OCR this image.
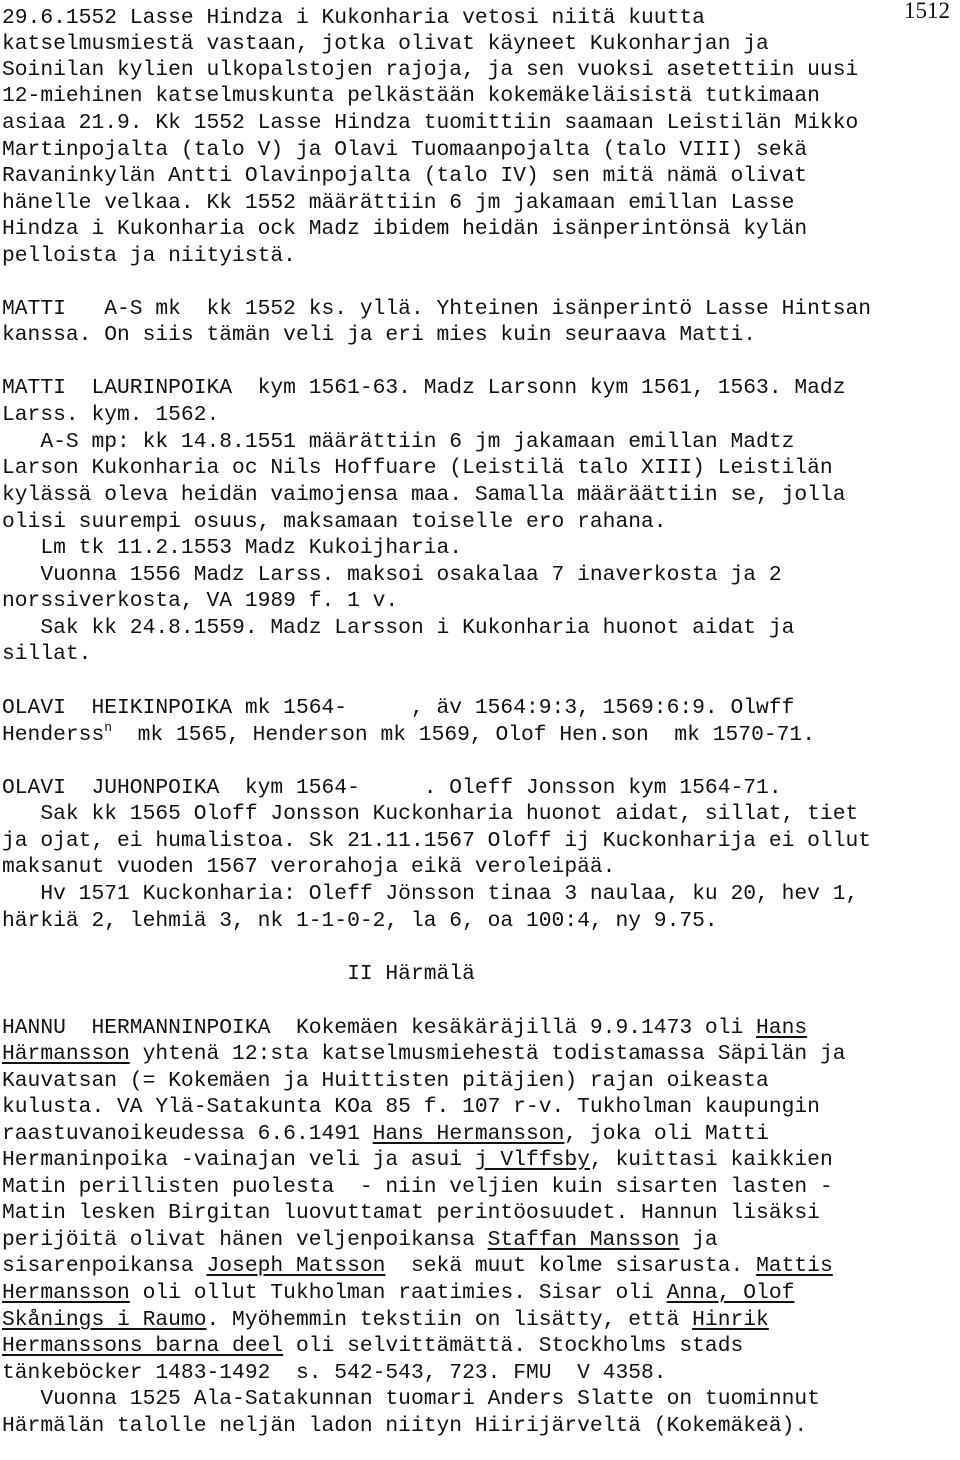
1512
29.6.1552 Lasse Hindza i Kukonharia vetosi niitä kuutta
katselmusmiestä vastaan, jotka olivat käyneet Kukonharjan ja
Soinilan kylien ulkopalstojen rajoja, ja sen vuoksi asetettiin uusi
12-miehinen katselmuskunta pelkästään kokemäkeläisistä tutkimaan
asiaa 21.9. Kk 1552 Lasse Hindza tuomittiin saamaan Leistilän Mikko
Martinpojalta (talo V) ja Olavi Tuomaanpojalta (talo VIII) sekä
Ravaninkylän Antti Olavinpojalta (talo IV) sen mitä nämä olivat
hänelle velkaa. Kk 1552 määrättiin 6 jm jakamaan emillan Lasse
Hindza i Kukonharia ock Madz ibidem heidän isänperintönsä kylän
pelloista ja niityistä.
MATTI   A-S mk  kk 1552 ks. yllä. Yhteinen isänperintö Lasse Hintsan
kanssa. On siis tämän veli ja eri mies kuin seuraava Matti.
MATTI  LAURINPOIKA  kym 1561-63. Madz Larsonn kym 1561, 1563. Madz
Larss. kym. 1562.
A-S mp: kk 14.8.1551 määrättiin 6 jm jakamaan emillan Madtz
Larson Kukonharia oc Nils Hoffuare (Leistilä talo XIII) Leistilän
kylässä oleva heidän vaimojensa maa. Samalla määräättiin se, jolla
olisi suurempi osuus, maksamaan toiselle ero rahana.
Lm tk 11.2.1553 Madz Kukoijharia.
Vuonna 1556 Madz Larss. maksoi osakalaa 7 inaverkosta ja 2
norssiverkosta, VA 1989 f. 1 v.
Sak kk 24.8.1559. Madz Larsson i Kukonharia huonot aidat ja
sillat.
OLAVI  HEIKINPOIKA mk 1564-     , äv 1564:9:3, 1569:6:9. Olwff
Henderss$^n$  mk 1565, Henderson mk 1569, Olof Hen.son  mk 1570-71.
OLAVI  JUHONPOIKA  kym 1564-     . Oleff Jonsson kym 1564-71.
Sak kk 1565 Oloff Jonsson Kuckonharia huonot aidat, sillat, tiet
ja ojat, ei humalistoa. Sk 21.11.1567 Oloff ij Kuckonharija ei ollut
maksanut vuoden 1567 verorahoja eikä veroleipää.
Hv 1571 Kuckonharia: Oleff Jönsson tinaa 3 naulaa, ku 20, hev 1,
härkiä 2, lehmiä 3, nk 1-1-0-2, la 6, oa 100:4, ny 9.75.
II Härmälä
HANNU  HERMANNINPOIKA  Kokemäen kesäkäräjillä 9.9.1473 oli Hans
Härmansson yhtenä 12:sta katselmusmiehestä todistamassa Säpilän ja
Kauvatsan (= Kokemäen ja Huittisten pitäjien) rajan oikeasta
kulusta. VA Ylä-Satakunta KOa 85 f. 107 r-v. Tukholman kaupungin
raastuvanoikeudessa 6.6.1491 Hans Hermansson, joka oli Matti
Hermaninpoika -vainajan veli ja asui j Vlffsby, kuittasi kaikkien
Matin perillisten puolesta  - niin veljien kuin sisarten lasten -
Matin lesken Birgitan luovuttamat perintöosuudet. Hannun lisäksi
perijöitä olivat hänen veljenpoikansa Staffan Mansson ja
sisarenpoikansa Joseph Matsson  sekä muut kolme sisarusta. Mattis
Hermansson oli ollut Tukholman raatimies. Sisar oli Anna, Olof
Skånings i Raumo. Myöhemmin tekstiin on lisätty, että Hinrik
Hermanssons barna deel oli selvittämättä. Stockholms stads
tänkeböcker 1483-1492  s. 542-543, 723. FMU  V 4358.
Vuonna 1525 Ala-Satakunnan tuomari Anders Slatte on tuominnut
Härmälän talolle neljän ladon niityn Hiirijärveltä (Kokemäkeä).
